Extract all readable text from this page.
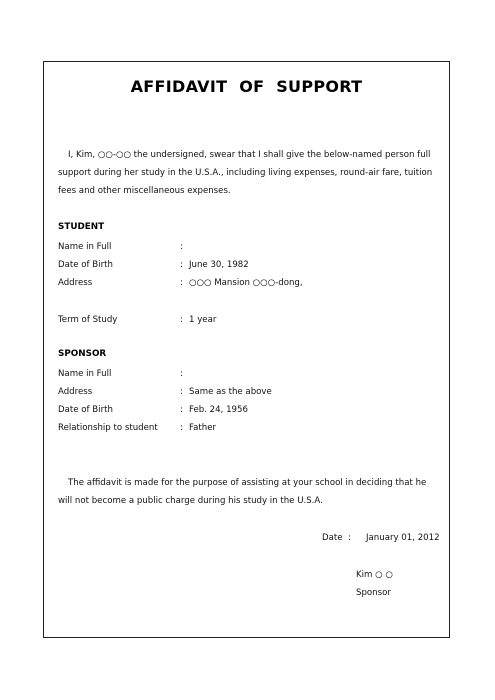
AFFIDAVIT OF SUPPORT
I, Kim, ○○-○○ the undersigned, swear that I shall give the below-named person full support during her study in the U.S.A., including living expenses, round-air fare, tuition fees and other miscellaneous expenses.
STUDENT
Name in Full	:
Date of Birth	: June 30, 1982
Address	: ○○○ Mansion ○○○-dong,
Term of Study	: 1 year
SPONSOR
Name in Full	:
Address	: Same as the above
Date of Birth	: Feb. 24, 1956
Relationship to student	: Father
The affidavit is made for the purpose of assisting at your school in deciding that he will not become a public charge during his study in the U.S.A.
Date : January 01, 2012
Kim ○ ○
Sponsor
